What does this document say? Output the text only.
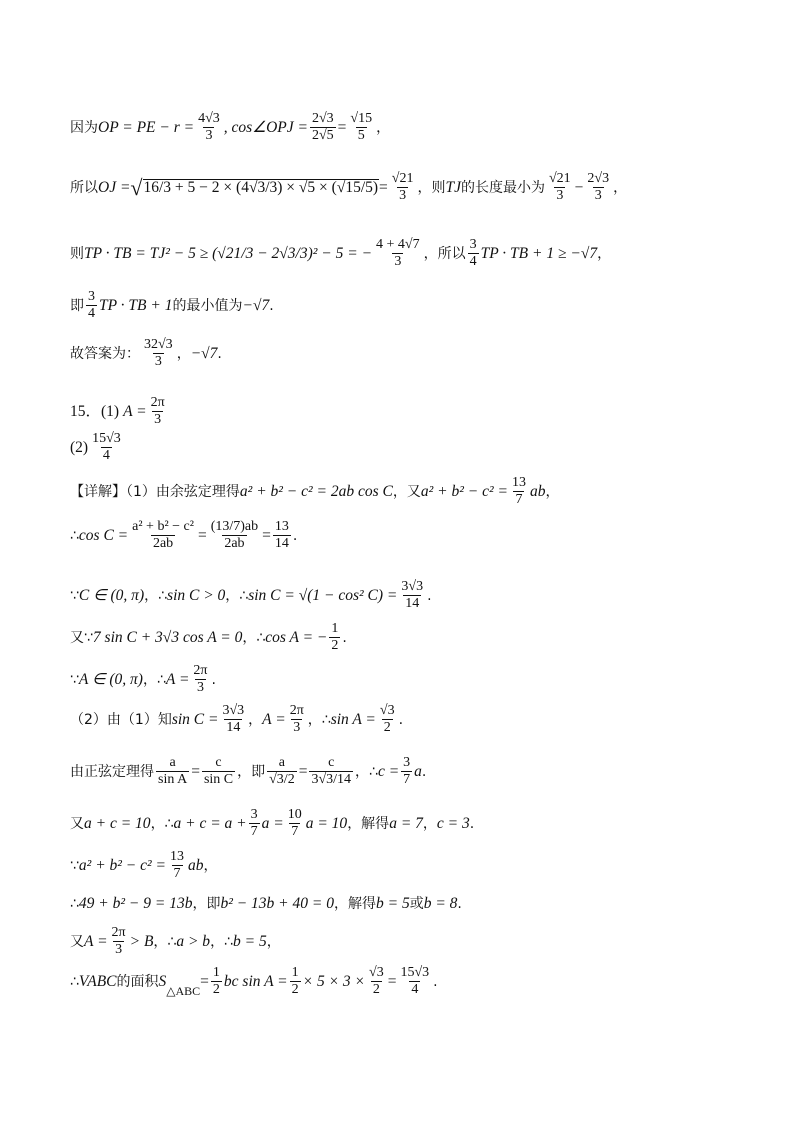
因为 OP = PE − $r = \frac{4√3}{3}$ , cos∠OPJ = $\frac{2√3}{2√5} = \frac{√15}{5}$ ，
所以 OJ = √ $16/3 + 5 - 2 \times (4√3/3) \times √5 \times (√15/5) = \frac{√21}{3}$ ，则 TJ 的长度最小为 $\frac{√21}{3} - \frac{2√3}{3}$ ，
则 TP · TB = TJ² − 5 ≥ (√21/3 − 2√3/3)² − 5 = − $\frac{4 + 4√7}{3}$ ，所以 $\frac{3}{4}$ TP · TB + 1 ≥ −√7 ，
即 $\frac{3}{4}$ TP · TB + 1 的最小值为 −√7 .
故答案为： $\frac{32√3}{3}$ ， −√7 .
15．(1) $A = \frac{2\pi}{3}$
$(2) \frac{15√3}{4}$
【详解】（1）由余弦定理得 a² + b² − c² = 2ab cos C ，又 $a^2 + b^2 - c^2 = \frac{13}{7}$ ab ，
∴ $\cos C = \frac{\text{a² + b² − c²}}{2ab} = \frac{(13/7)ab}{2ab} = \frac{13}{14}$ .
∵ C ∈ (0, π) ，∴ sin C > 0 ，∴ sin C = √(1 − cos² $C) = \frac{3√3}{14}$ .
又∵ 7 sin C + 3√3 cos A = 0 ，∴ cos A = − $\frac{1}{2}$ .
∵ A ∈ (0, π) ，∴ $A = \frac{2\pi}{3}$ .
（2）由（1）知 $\sin C = \frac{3√3}{14}$ ， $A = \frac{2\pi}{3}$ ，∴ $\sin A = \frac{√3}{2}$ .
由正弦定理得 $\frac{a}{\text{sin A}} = \frac{c}{\text{sin C}}$ ，即 $\frac{a}{√3/2} = \frac{c}{3√3/14}$ ，∴ $c = \frac{3}{7}$ a .
又 a + c = 10 ，∴ $a + c = a + \frac{3}{7}$ $a = \frac{10}{7}$ a = 10 ，解得 a = 7 ， c = 3 .
∵ $a^2 + b^2 - c^2 = \frac{13}{7}$ ab ，
∴ 49 + b² − 9 = 13b ，即 b² − 13b + 40 = 0 ，解得 b = 5 或 b = 8 .
又 $A = \frac{2\pi}{3} > B$ ，∴ a > b ，∴ b = 5 ，
∴ VABC 的面积 S
△ABC
= $\frac{1}{2}$ bc $\sin A = \frac{1}{2} \times 5 \times 3 \times \frac{√3}{2} = \frac{15√3}{4}$ .
